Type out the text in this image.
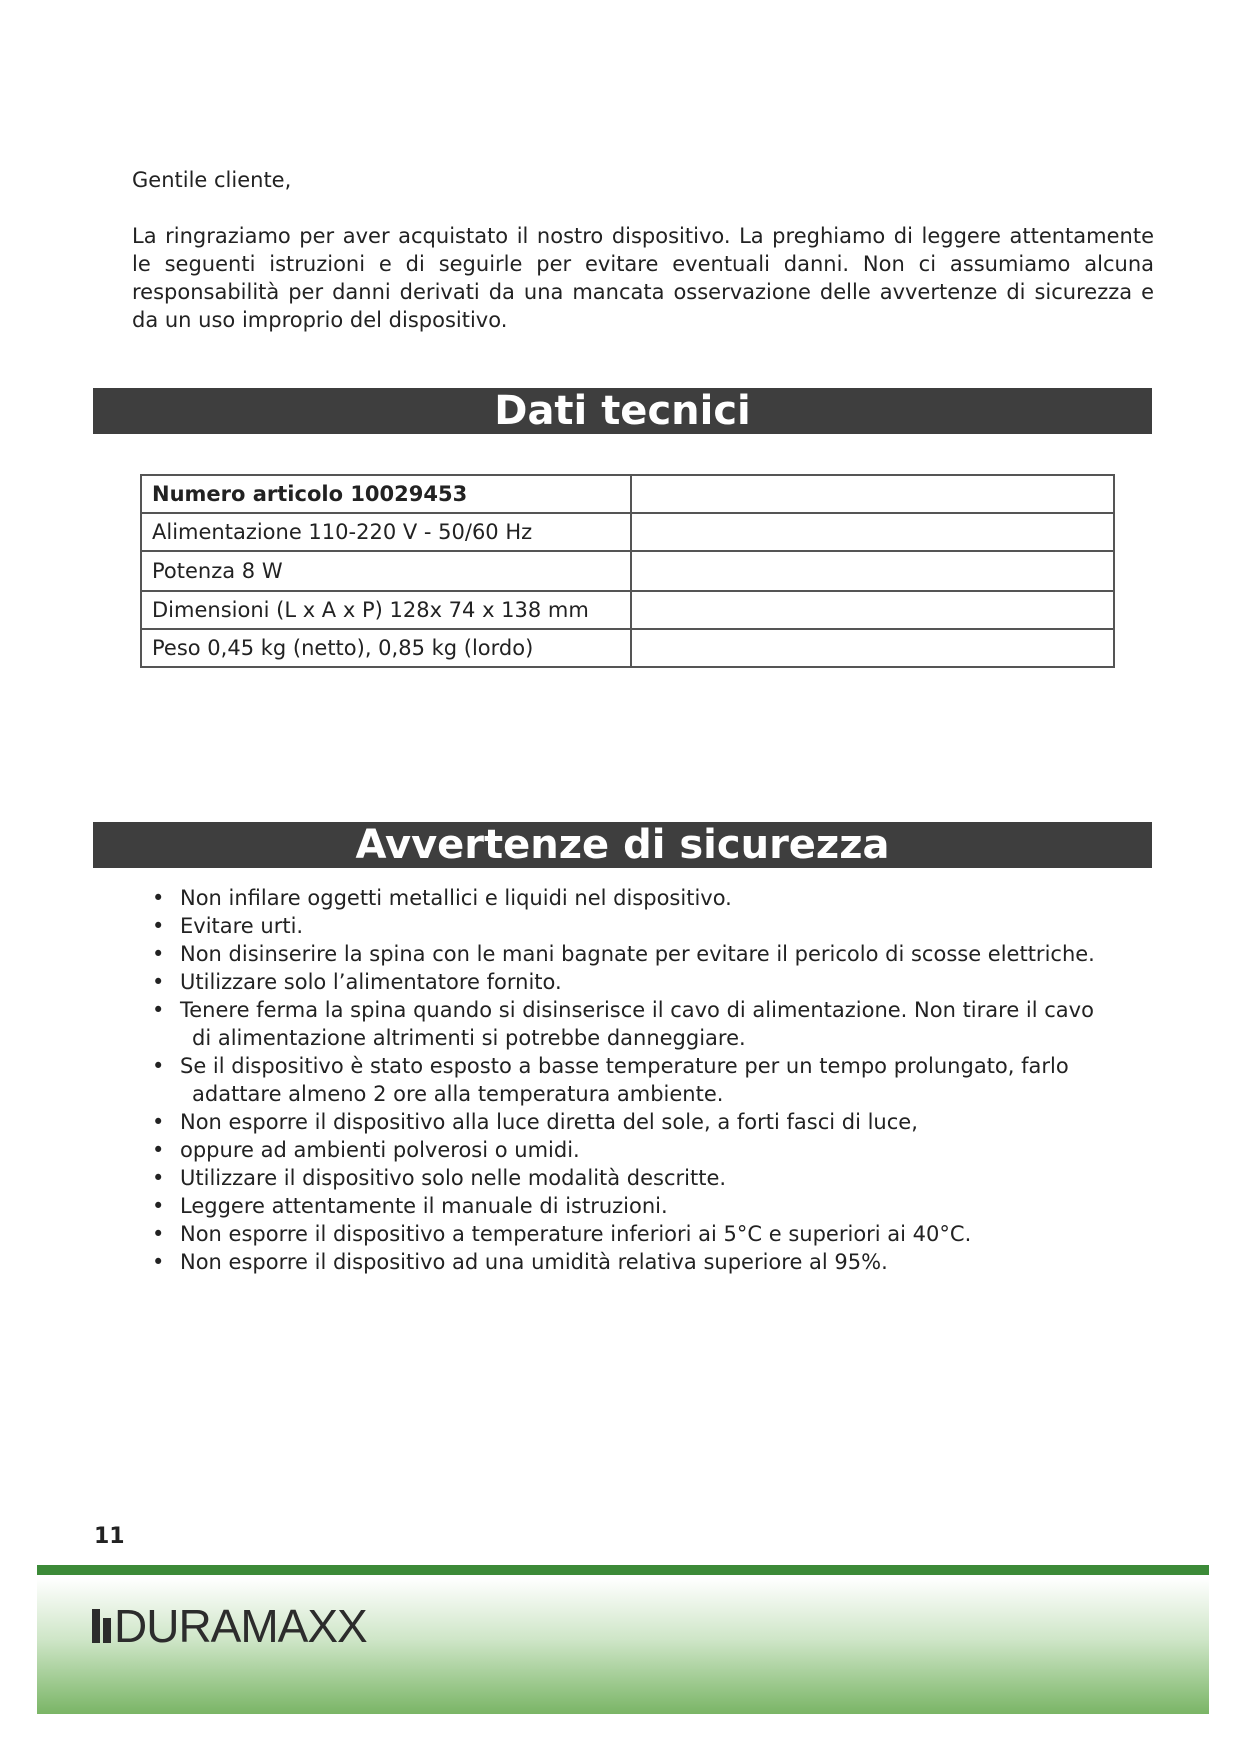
Gentile cliente,
La ringraziamo per aver acquistato il nostro dispositivo. La preghiamo di leggere attentamente le seguenti istruzioni e di seguirle per evitare eventuali danni. Non ci assumiamo alcuna responsabilità per danni derivati da una mancata osservazione delle avvertenze di sicurezza e da un uso improprio del dispositivo.
Dati tecnici
Numero articolo 10029453	
Alimentazione 110-220 V - 50/60 Hz	
Potenza 8 W	
Dimensioni (L x A x P) 128x 74 x 138 mm	
Peso 0,45 kg (netto), 0,85 kg (lordo)	
Avvertenze di sicurezza
• Non infilare oggetti metallici e liquidi nel dispositivo.
• Evitare urti.
• Non disinserire la spina con le mani bagnate per evitare il pericolo di scosse elettriche.
• Utilizzare solo l’alimentatore fornito.
• Tenere ferma la spina quando si disinserisce il cavo di alimentazione. Non tirare il cavo
di alimentazione altrimenti si potrebbe danneggiare.
• Se il dispositivo è stato esposto a basse temperature per un tempo prolungato, farlo
adattare almeno 2 ore alla temperatura ambiente.
• Non esporre il dispositivo alla luce diretta del sole, a forti fasci di luce,
• oppure ad ambienti polverosi o umidi.
• Utilizzare il dispositivo solo nelle modalità descritte.
• Leggere attentamente il manuale di istruzioni.
• Non esporre il dispositivo a temperature inferiori ai 5°C e superiori ai 40°C.
• Non esporre il dispositivo ad una umidità relativa superiore al 95%.
11
DURAMAXX
